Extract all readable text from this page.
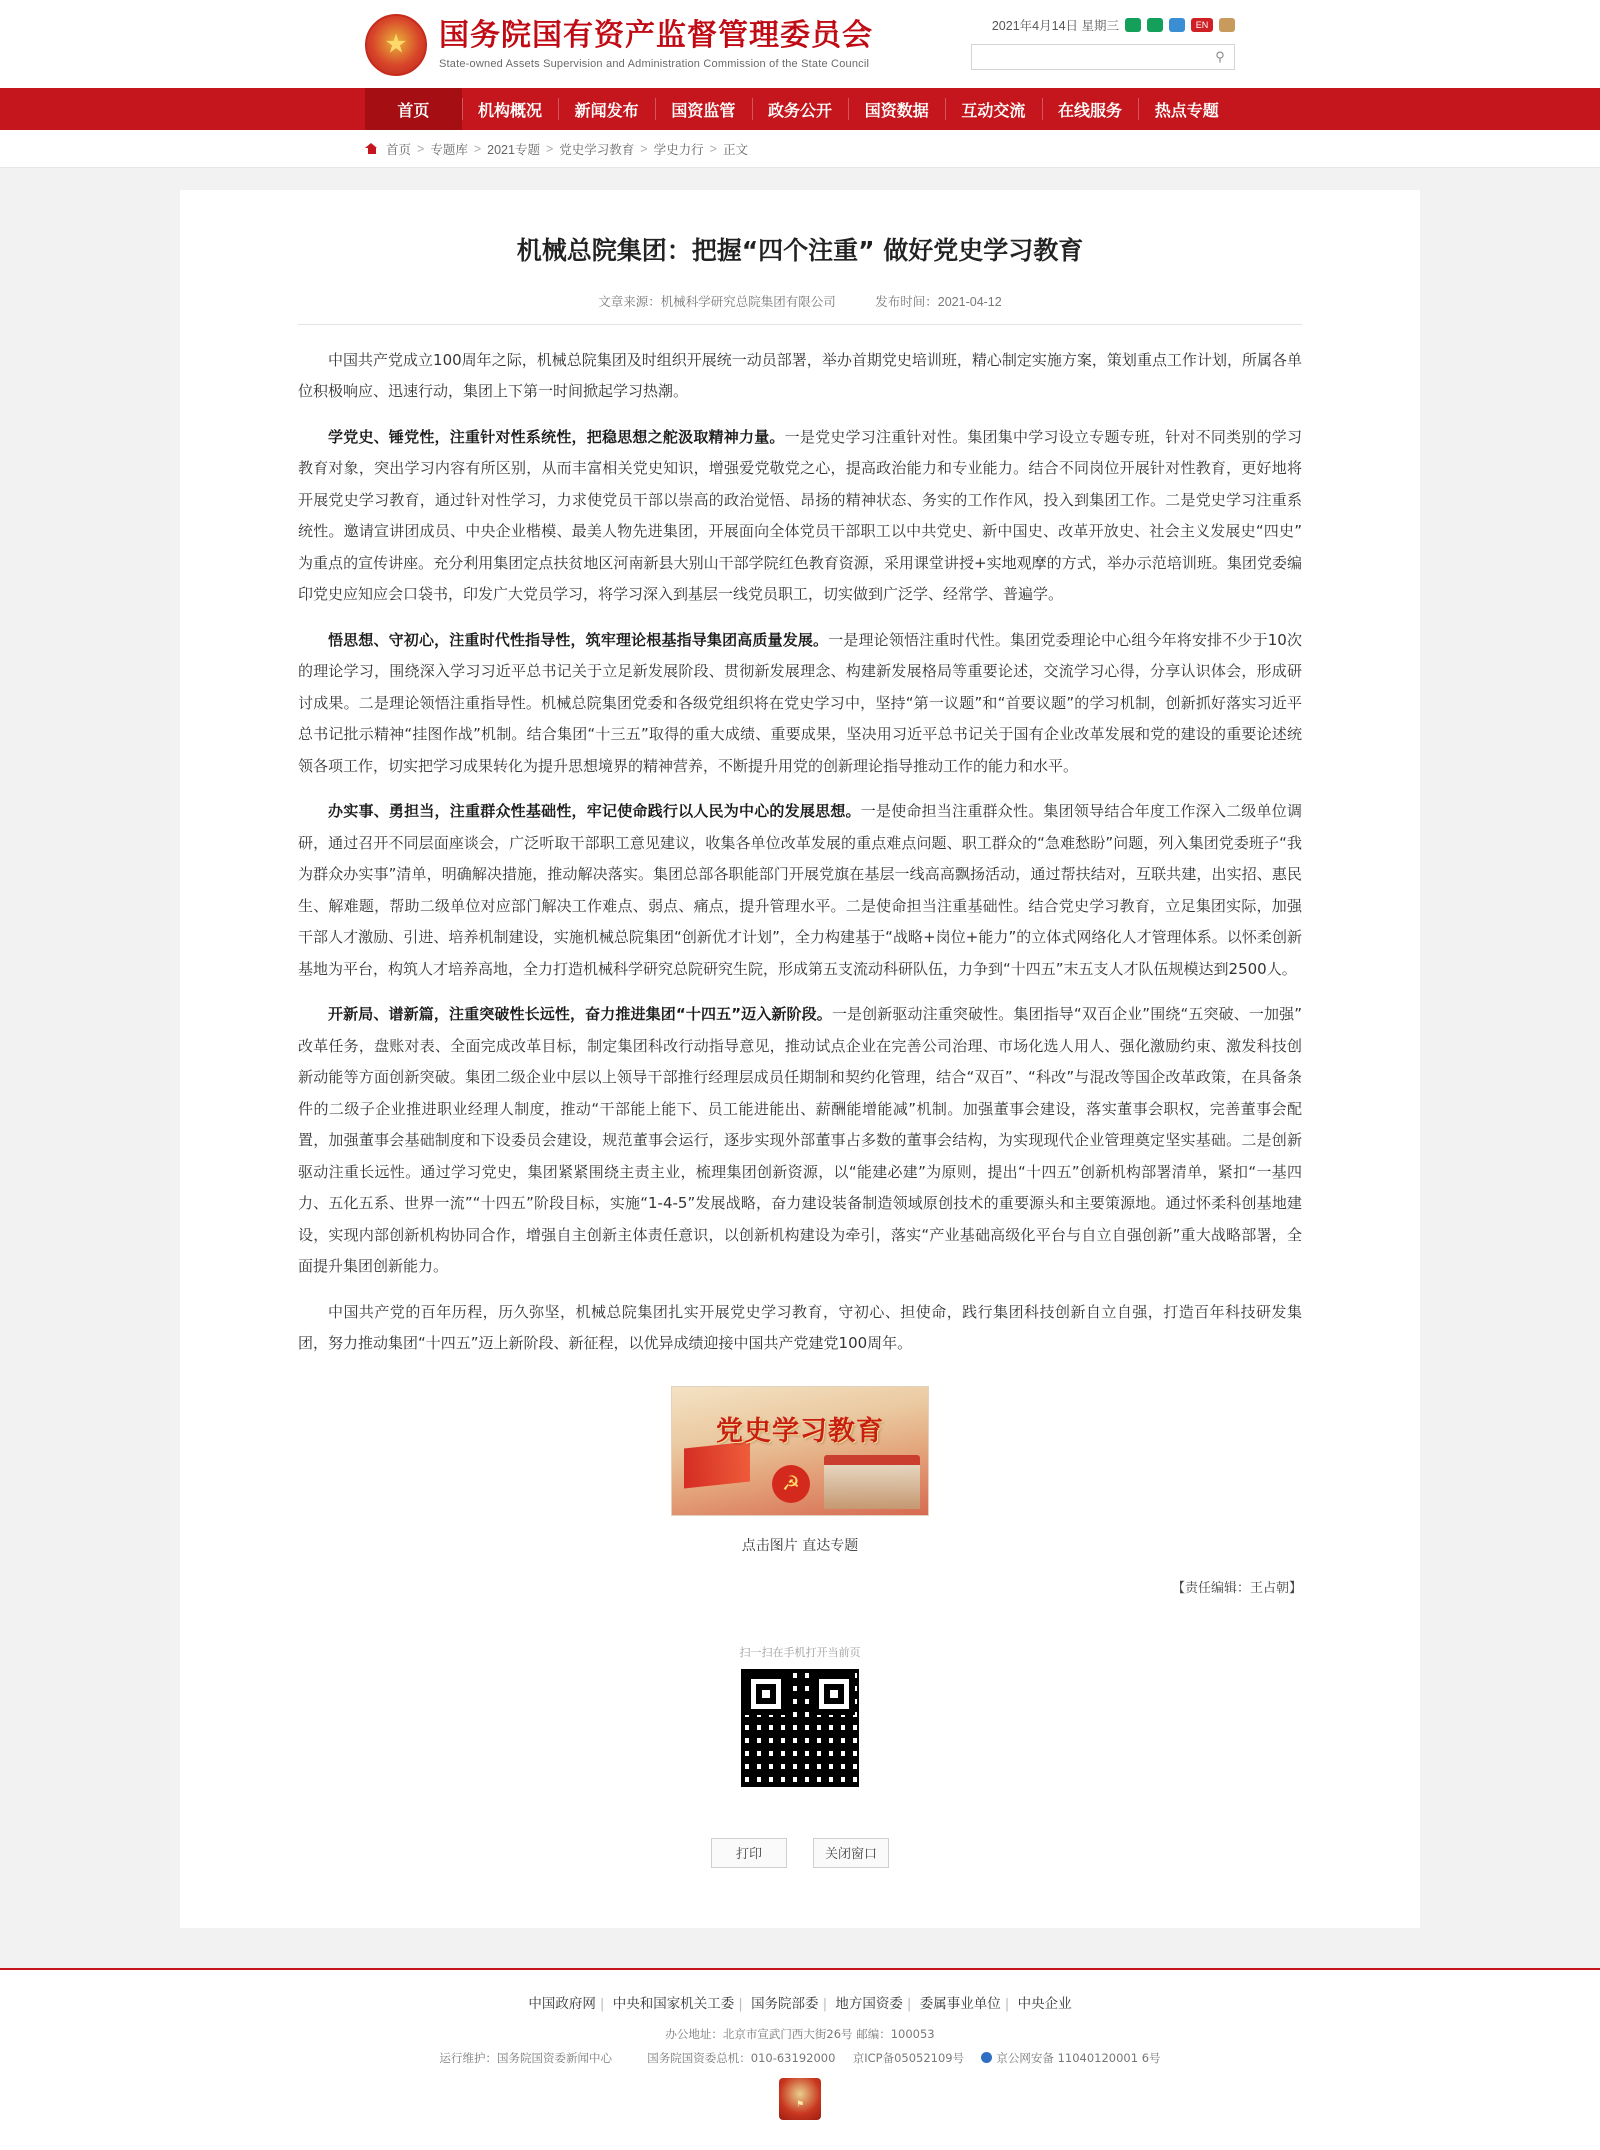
★
国务院国有资产监督管理委员会
State-owned Assets Supervision and Administration Commission of the State Council
2021年4月14日 星期三	EN
⚲
首页	机构概况	新闻发布	国资监管	政务公开	国资数据	互动交流	在线服务	热点专题
首页 > 专题库 > 2021专题 > 党史学习教育 > 学史力行 > 正文
机械总院集团：把握“四个注重” 做好党史学习教育
文章来源：机械科学研究总院集团有限公司	发布时间：2021-04-12

中国共产党成立100周年之际，机械总院集团及时组织开展统一动员部署，举办首期党史培训班，精心制定实施方案，策划重点工作计划，所属各单位积极响应、迅速行动，集团上下第一时间掀起学习热潮。

学党史、锤党性，注重针对性系统性，把稳思想之舵汲取精神力量。一是党史学习注重针对性。集团集中学习设立专题专班，针对不同类别的学习教育对象，突出学习内容有所区别，从而丰富相关党史知识，增强爱党敬党之心，提高政治能力和专业能力。结合不同岗位开展针对性教育，更好地将开展党史学习教育，通过针对性学习，力求使党员干部以崇高的政治觉悟、昂扬的精神状态、务实的工作作风，投入到集团工作。二是党史学习注重系统性。邀请宣讲团成员、中央企业楷模、最美人物先进集团，开展面向全体党员干部职工以中共党史、新中国史、改革开放史、社会主义发展史“四史”为重点的宣传讲座。充分利用集团定点扶贫地区河南新县大别山干部学院红色教育资源，采用课堂讲授+实地观摩的方式，举办示范培训班。集团党委编印党史应知应会口袋书，印发广大党员学习，将学习深入到基层一线党员职工，切实做到广泛学、经常学、普遍学。

悟思想、守初心，注重时代性指导性，筑牢理论根基指导集团高质量发展。一是理论领悟注重时代性。集团党委理论中心组今年将安排不少于10次的理论学习，围绕深入学习习近平总书记关于立足新发展阶段、贯彻新发展理念、构建新发展格局等重要论述，交流学习心得，分享认识体会，形成研讨成果。二是理论领悟注重指导性。机械总院集团党委和各级党组织将在党史学习中，坚持“第一议题”和“首要议题”的学习机制，创新抓好落实习近平总书记批示精神“挂图作战”机制。结合集团“十三五”取得的重大成绩、重要成果，坚决用习近平总书记关于国有企业改革发展和党的建设的重要论述统领各项工作，切实把学习成果转化为提升思想境界的精神营养，不断提升用党的创新理论指导推动工作的能力和水平。

办实事、勇担当，注重群众性基础性，牢记使命践行以人民为中心的发展思想。一是使命担当注重群众性。集团领导结合年度工作深入二级单位调研，通过召开不同层面座谈会，广泛听取干部职工意见建议，收集各单位改革发展的重点难点问题、职工群众的“急难愁盼”问题，列入集团党委班子“我为群众办实事”清单，明确解决措施，推动解决落实。集团总部各职能部门开展党旗在基层一线高高飘扬活动，通过帮扶结对，互联共建，出实招、惠民生、解难题，帮助二级单位对应部门解决工作难点、弱点、痛点，提升管理水平。二是使命担当注重基础性。结合党史学习教育，立足集团实际，加强干部人才激励、引进、培养机制建设，实施机械总院集团“创新优才计划”，全力构建基于“战略+岗位+能力”的立体式网络化人才管理体系。以怀柔创新基地为平台，构筑人才培养高地，全力打造机械科学研究总院研究生院，形成第五支流动科研队伍，力争到“十四五”末五支人才队伍规模达到2500人。

开新局、谱新篇，注重突破性长远性，奋力推进集团“十四五”迈入新阶段。一是创新驱动注重突破性。集团指导“双百企业”围绕“五突破、一加强”改革任务，盘账对表、全面完成改革目标，制定集团科改行动指导意见，推动试点企业在完善公司治理、市场化选人用人、强化激励约束、激发科技创新动能等方面创新突破。集团二级企业中层以上领导干部推行经理层成员任期制和契约化管理，结合“双百”、“科改”与混改等国企改革政策，在具备条件的二级子企业推进职业经理人制度，推动“干部能上能下、员工能进能出、薪酬能增能减”机制。加强董事会建设，落实董事会职权，完善董事会配置，加强董事会基础制度和下设委员会建设，规范董事会运行，逐步实现外部董事占多数的董事会结构，为实现现代企业管理奠定坚实基础。二是创新驱动注重长远性。通过学习党史，集团紧紧围绕主责主业，梳理集团创新资源，以“能建必建”为原则，提出“十四五”创新机构部署清单，紧扣“一基四力、五化五系、世界一流”“十四五”阶段目标，实施“1-4-5”发展战略，奋力建设装备制造领域原创技术的重要源头和主要策源地。通过怀柔科创基地建设，实现内部创新机构协同合作，增强自主创新主体责任意识，以创新机构建设为牵引，落实“产业基础高级化平台与自立自强创新”重大战略部署，全面提升集团创新能力。

中国共产党的百年历程，历久弥坚，机械总院集团扎实开展党史学习教育，守初心、担使命，践行集团科技创新自立自强，打造百年科技研发集团，努力推动集团“十四五”迈上新阶段、新征程，以优异成绩迎接中国共产党建党100周年。

☭
党史学习教育
点击图片 直达专题
【责任编辑：王占朝】
扫一扫在手机打开当前页
打印	关闭窗口
中国政府网 | 中央和国家机关工委 | 国务院部委 | 地方国资委 | 委属事业单位 | 中央企业
办公地址：北京市宣武门西大街26号 邮编：100053
运行维护：国务院国资委新闻中心	国务院国资委总机：010-63192000 京ICP备05052109号	京公网安备 11040120001 6号
⚑
